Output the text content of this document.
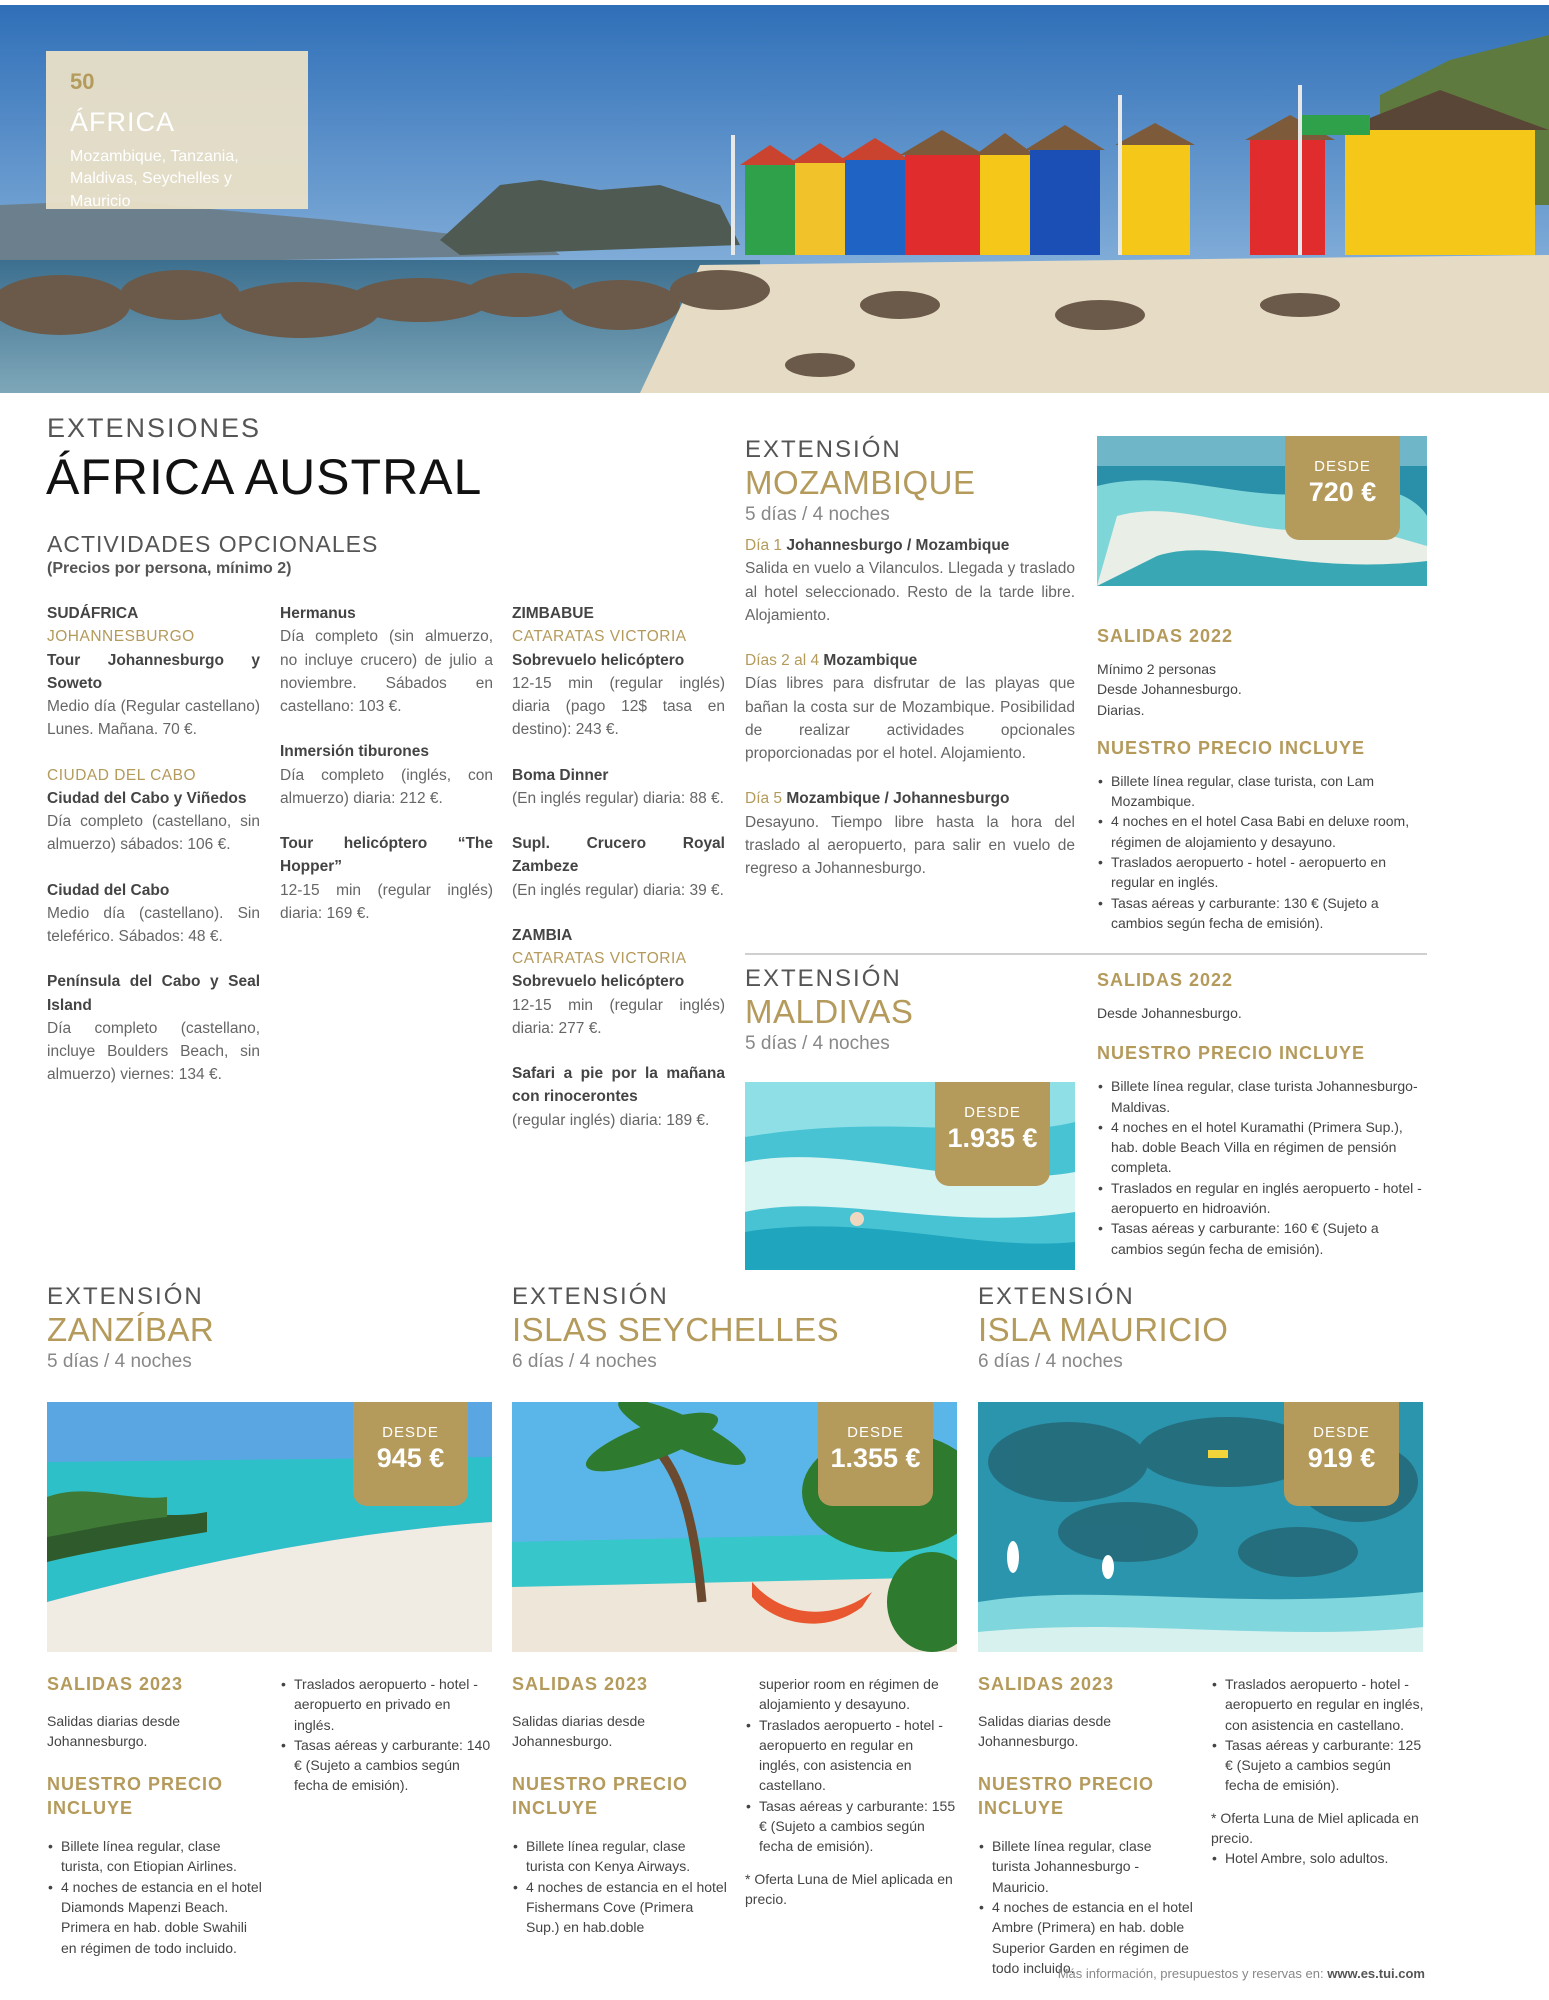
50
ÁFRICA
Mozambique, Tanzania, Maldivas, Seychelles y Mauricio
EXTENSIONES
ÁFRICA AUSTRAL
ACTIVIDADES OPCIONALES
(Precios por persona, mínimo 2)
SUDÁFRICA
JOHANNESBURGO
Tour Johannesburgo y Soweto
Medio día (Regular castellano) Lunes. Mañana. 70 €.
CIUDAD DEL CABO
Ciudad del Cabo y Viñedos
Día completo (castellano, sin almuerzo) sábados: 106 €.
Ciudad del Cabo
Medio día (castellano). Sin teleférico. Sábados: 48 €.
Península del Cabo y Seal Island
Día completo (castellano, incluye Boulders Beach, sin almuerzo) viernes: 134 €.
Hermanus
Día completo (sin almuerzo, no incluye crucero) de julio a noviembre. Sábados en castellano: 103 €.
Inmersión tiburones
Día completo (inglés, con almuerzo) diaria: 212 €.
Tour helicóptero “The Hopper”
12-15 min (regular inglés) diaria: 169 €.
ZIMBABUE
CATARATAS VICTORIA
Sobrevuelo helicóptero
12-15 min (regular inglés) diaria (pago 12$ tasa en destino): 243 €.
Boma Dinner
(En inglés regular) diaria: 88 €.
Supl. Crucero Royal Zambeze
(En inglés regular) diaria: 39 €.
ZAMBIA
CATARATAS VICTORIA
Sobrevuelo helicóptero
12-15 min (regular inglés) diaria: 277 €.
Safari a pie por la mañana con rinocerontes
(regular inglés) diaria: 189 €.
EXTENSIÓN
MOZAMBIQUE
5 días / 4 noches
Día 1 Johannesburgo / Mozambique
Salida en vuelo a Vilanculos. Llegada y traslado al hotel seleccionado. Resto de la tarde libre. Alojamiento.
Días 2 al 4 Mozambique
Días libres para disfrutar de las playas que bañan la costa sur de Mozambique. Posibilidad de realizar actividades opcionales proporcionadas por el hotel. Alojamiento.
Día 5 Mozambique / Johannesburgo
Desayuno. Tiempo libre hasta la hora del traslado al aeropuerto, para salir en vuelo de regreso a Johannesburgo.
DESDE
720 €
SALIDAS 2022
Mínimo 2 personas
Desde Johannesburgo.
Diarias.
NUESTRO PRECIO INCLUYE
• Billete línea regular, clase turista, con Lam Mozambique.
• 4 noches en el hotel Casa Babi en deluxe room, régimen de alojamiento y desayuno.
• Traslados aeropuerto - hotel - aeropuerto en regular en inglés.
• Tasas aéreas y carburante: 130 € (Sujeto a cambios según fecha de emisión).
EXTENSIÓN
MALDIVAS
5 días / 4 noches
DESDE
1.935 €
SALIDAS 2022
Desde Johannesburgo.
NUESTRO PRECIO INCLUYE
• Billete línea regular, clase turista Johannesburgo-Maldivas.
• 4 noches en el hotel Kuramathi (Primera Sup.), hab. doble Beach Villa en régimen de pensión completa.
• Traslados en regular en inglés aeropuerto - hotel - aeropuerto en hidroavión.
• Tasas aéreas y carburante: 160 € (Sujeto a cambios según fecha de emisión).
EXTENSIÓN
ZANZÍBAR
5 días / 4 noches
EXTENSIÓN
ISLAS SEYCHELLES
6 días / 4 noches
EXTENSIÓN
ISLA MAURICIO
6 días / 4 noches
DESDE
945 €
DESDE
1.355 €
DESDE
919 €
SALIDAS 2023
Salidas diarias desde Johannesburgo.
NUESTRO PRECIO INCLUYE
• Billete línea regular, clase turista, con Etiopian Airlines.
• 4 noches de estancia en el hotel Diamonds Mapenzi Beach. Primera en hab. doble Swahili en régimen de todo incluido.
• Traslados aeropuerto - hotel - aeropuerto en privado en inglés.
• Tasas aéreas y carburante: 140 € (Sujeto a cambios según fecha de emisión).
SALIDAS 2023
Salidas diarias desde Johannesburgo.
NUESTRO PRECIO INCLUYE
• Billete línea regular, clase turista con Kenya Airways.
• 4 noches de estancia en el hotel Fishermans Cove (Primera Sup.) en hab.doble
superior room en régimen de alojamiento y desayuno.
• Traslados aeropuerto - hotel - aeropuerto en regular en inglés, con asistencia en castellano.
• Tasas aéreas y carburante: 155 € (Sujeto a cambios según fecha de emisión).
* Oferta Luna de Miel aplicada en precio.
SALIDAS 2023
Salidas diarias desde Johannesburgo.
NUESTRO PRECIO INCLUYE
• Billete línea regular, clase turista Johannesburgo - Mauricio.
• 4 noches de estancia en el hotel Ambre (Primera) en hab. doble Superior Garden en régimen de todo incluido.
• Traslados aeropuerto - hotel - aeropuerto en regular en inglés, con asistencia en castellano.
• Tasas aéreas y carburante: 125 € (Sujeto a cambios según fecha de emisión).
* Oferta Luna de Miel aplicada en precio.
• Hotel Ambre, solo adultos.
Más información, presupuestos y reservas en: www.es.tui.com
